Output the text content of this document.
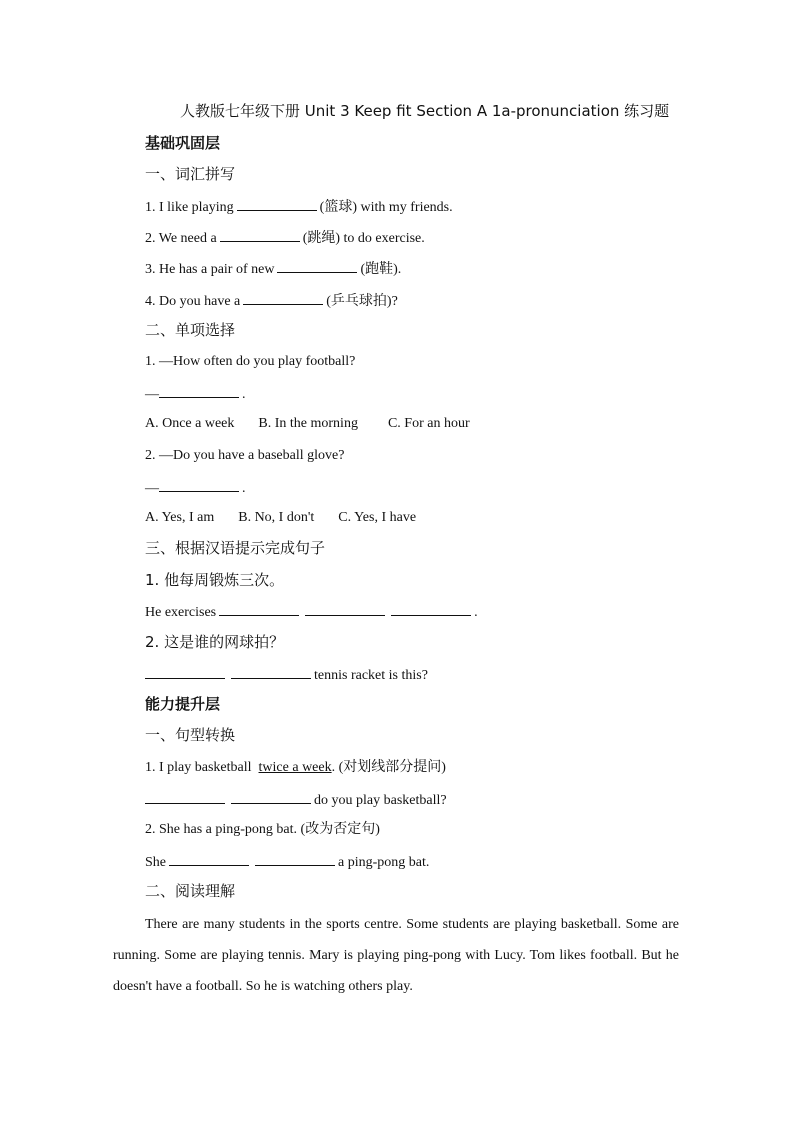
人教版七年级下册 Unit 3 Keep fit Section A 1a-pronunciation 练习题
基础巩固层
一、词汇拼写
1. I like playing	(篮球) with my friends.
2. We need a	(跳绳) to do exercise.
3. He has a pair of new	(跑鞋).
4. Do you have a	(乒乓球拍)?
二、单项选择
1. —How often do you play football?
—	.
A. Once a week B. In the morning C. For an hour
2. —Do you have a baseball glove?
—	.
A. Yes, I am B. No, I don't C. Yes, I have
三、根据汉语提示完成句子
1. 他每周锻炼三次。
He exercises	.
2. 这是谁的网球拍？
tennis racket is this?
能力提升层
一、句型转换
1. I play basketball twice a week. (对划线部分提问)
do you play basketball?
2. She has a ping-pong bat. (改为否定句)
She	a ping-pong bat.
二、阅读理解

There are many students in the sports centre. Some students are playing basketball. Some are running. Some are playing tennis. Mary is playing ping-pong with Lucy. Tom likes football. But he doesn't have a football. So he is watching others play.
